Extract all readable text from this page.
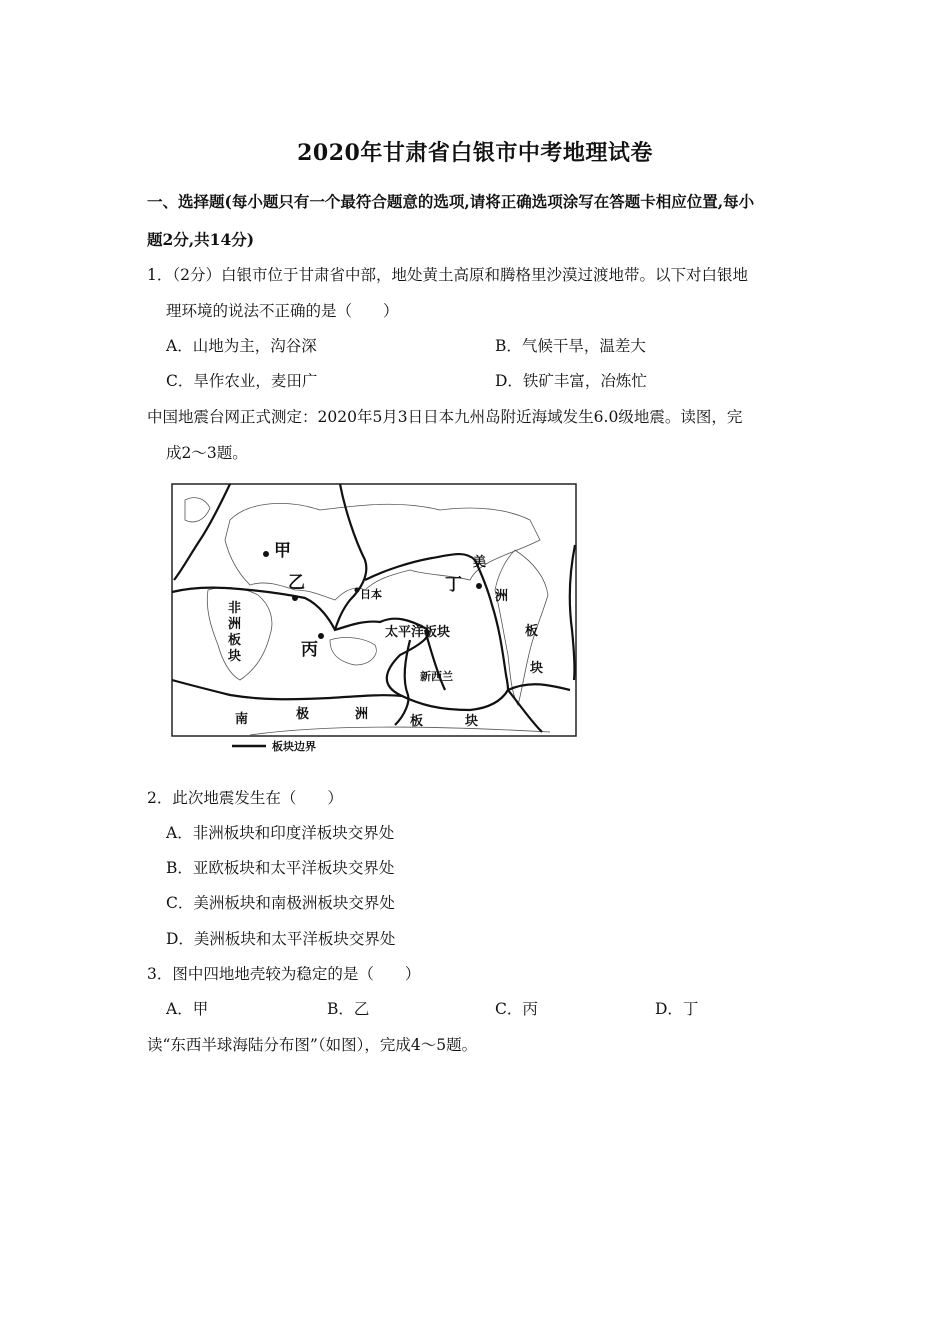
2020年甘肃省白银市中考地理试卷
一、选择题(每小题只有一个最符合题意的选项,请将正确选项涂写在答题卡相应位置,每小
题2分,共14分)
1．（2分）白银市位于甘肃省中部，地处黄土高原和腾格里沙漠过渡地带。以下对白银地
理环境的说法不正确的是（　　）
A．山地为主，沟谷深	B．气候干旱，温差大
C．旱作农业，麦田广	D．铁矿丰富，冶炼忙
中国地震台网正式测定：2020年5月3日日本九州岛附近海域发生6.0级地震。读图，完
成2～3题。
甲
乙
丙
丁
日本
太平洋板块
新西兰
非
洲
板
块
美
洲
板
块
南	极	洲	板	块
板块边界
2．此次地震发生在（　　）
A．非洲板块和印度洋板块交界处
B．亚欧板块和太平洋板块交界处
C．美洲板块和南极洲板块交界处
D．美洲板块和太平洋板块交界处
3．图中四地地壳较为稳定的是（　　）
A．甲	B．乙	C．丙	D．丁
读“东西半球海陆分布图”（如图），完成4～5题。
